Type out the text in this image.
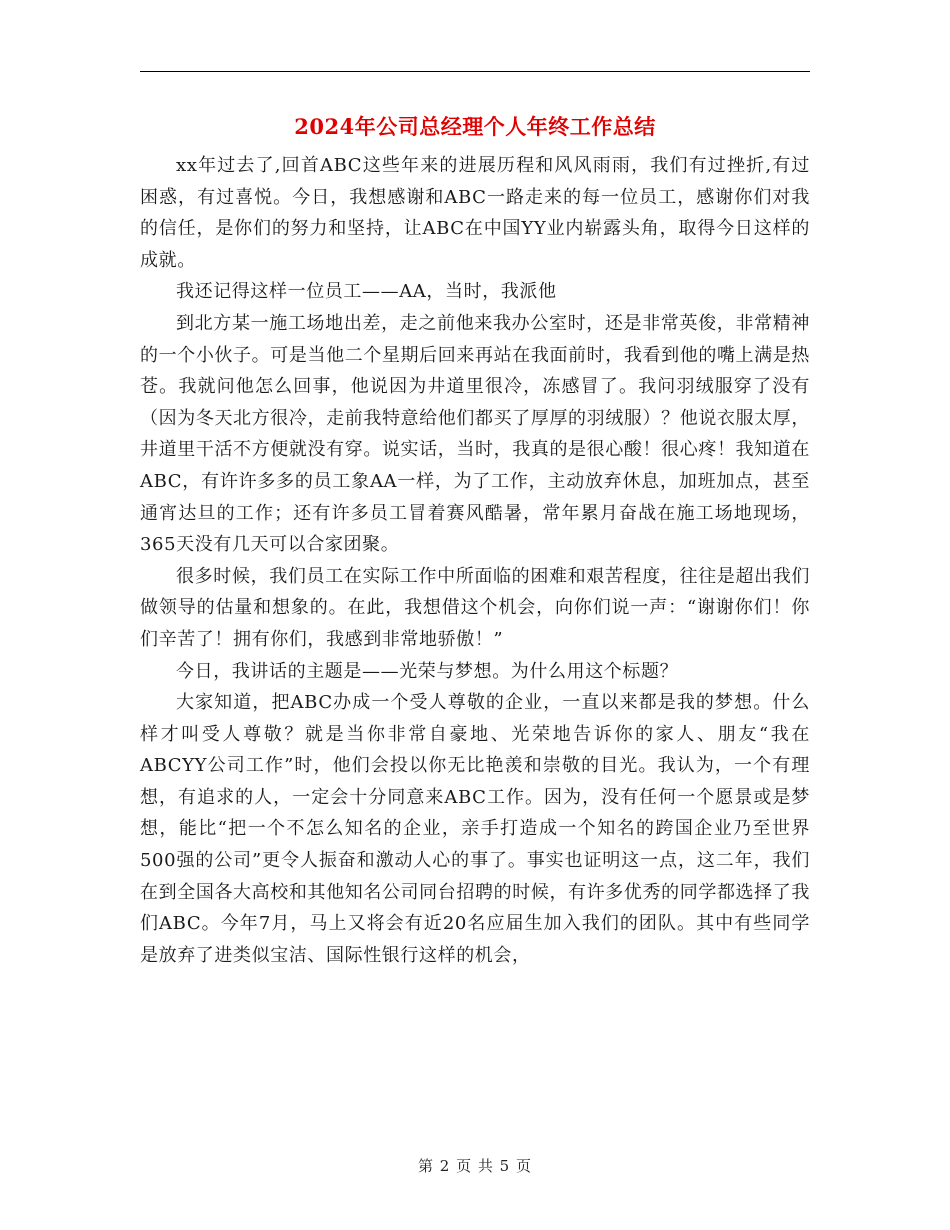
2024年公司总经理个人年终工作总结

xx年过去了,回首ABC这些年来的进展历程和风风雨雨，我们有过挫折,有过困惑，有过喜悦。今日，我想感谢和ABC一路走来的每一位员工，感谢你们对我的信任，是你们的努力和坚持，让ABC在中国YY业内崭露头角，取得今日这样的成就。

我还记得这样一位员工——AA，当时，我派他

到北方某一施工场地出差，走之前他来我办公室时，还是非常英俊，非常精神的一个小伙子。可是当他二个星期后回来再站在我面前时，我看到他的嘴上满是热苍。我就问他怎么回事，他说因为井道里很冷，冻感冒了。我问羽绒服穿了没有（因为冬天北方很冷，走前我特意给他们都买了厚厚的羽绒服）？他说衣服太厚，井道里干活不方便就没有穿。说实话，当时，我真的是很心酸！很心疼！我知道在ABC，有许许多多的员工象AA一样，为了工作，主动放弃休息，加班加点，甚至通宵达旦的工作；还有许多员工冒着赛风酷暑，常年累月奋战在施工场地现场，365天没有几天可以合家团聚。

很多时候，我们员工在实际工作中所面临的困难和艰苦程度，往往是超出我们做领导的估量和想象的。在此，我想借这个机会，向你们说一声：“谢谢你们！你们辛苦了！拥有你们，我感到非常地骄傲！”

今日，我讲话的主题是——光荣与梦想。为什么用这个标题？

大家知道，把ABC办成一个受人尊敬的企业，一直以来都是我的梦想。什么样才叫受人尊敬？就是当你非常自豪地、光荣地告诉你的家人、朋友“我在ABCYY公司工作”时，他们会投以你无比艳羡和崇敬的目光。我认为，一个有理想，有追求的人，一定会十分同意来ABC工作。因为，没有任何一个愿景或是梦想，能比“把一个不怎么知名的企业，亲手打造成一个知名的跨国企业乃至世界500强的公司”更令人振奋和激动人心的事了。事实也证明这一点，这二年，我们在到全国各大高校和其他知名公司同台招聘的时候，有许多优秀的同学都选择了我们ABC。今年7月，马上又将会有近20名应届生加入我们的团队。其中有些同学是放弃了进类似宝洁、国际性银行这样的机会，

第 2 页 共 5 页
